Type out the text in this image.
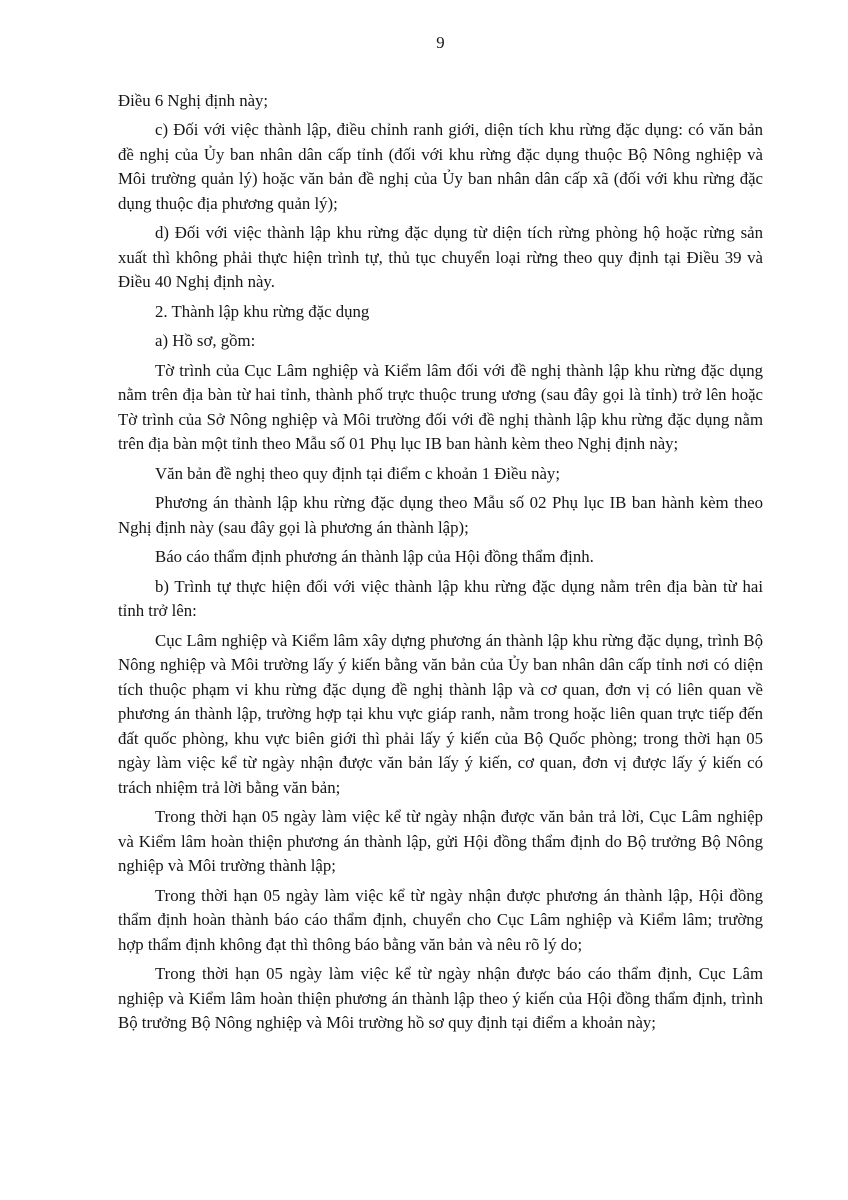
9

Điều 6 Nghị định này;

c) Đối với việc thành lập, điều chỉnh ranh giới, diện tích khu rừng đặc dụng: có văn bản đề nghị của Ủy ban nhân dân cấp tỉnh (đối với khu rừng đặc dụng thuộc Bộ Nông nghiệp và Môi trường quản lý) hoặc văn bản đề nghị của Ủy ban nhân dân cấp xã (đối với khu rừng đặc dụng thuộc địa phương quản lý);

d) Đối với việc thành lập khu rừng đặc dụng từ diện tích rừng phòng hộ hoặc rừng sản xuất thì không phải thực hiện trình tự, thủ tục chuyển loại rừng theo quy định tại Điều 39 và Điều 40 Nghị định này.

2. Thành lập khu rừng đặc dụng

a) Hồ sơ, gồm:

Tờ trình của Cục Lâm nghiệp và Kiểm lâm đối với đề nghị thành lập khu rừng đặc dụng nằm trên địa bàn từ hai tỉnh, thành phố trực thuộc trung ương (sau đây gọi là tỉnh) trở lên hoặc Tờ trình của Sở Nông nghiệp và Môi trường đối với đề nghị thành lập khu rừng đặc dụng nằm trên địa bàn một tỉnh theo Mẫu số 01 Phụ lục IB ban hành kèm theo Nghị định này;

Văn bản đề nghị theo quy định tại điểm c khoản 1 Điều này;

Phương án thành lập khu rừng đặc dụng theo Mẫu số 02 Phụ lục IB ban hành kèm theo Nghị định này (sau đây gọi là phương án thành lập);

Báo cáo thẩm định phương án thành lập của Hội đồng thẩm định.

b) Trình tự thực hiện đối với việc thành lập khu rừng đặc dụng nằm trên địa bàn từ hai tỉnh trở lên:

Cục Lâm nghiệp và Kiểm lâm xây dựng phương án thành lập khu rừng đặc dụng, trình Bộ Nông nghiệp và Môi trường lấy ý kiến bằng văn bản của Ủy ban nhân dân cấp tỉnh nơi có diện tích thuộc phạm vi khu rừng đặc dụng đề nghị thành lập và cơ quan, đơn vị có liên quan về phương án thành lập, trường hợp tại khu vực giáp ranh, nằm trong hoặc liên quan trực tiếp đến đất quốc phòng, khu vực biên giới thì phải lấy ý kiến của Bộ Quốc phòng; trong thời hạn 05 ngày làm việc kể từ ngày nhận được văn bản lấy ý kiến, cơ quan, đơn vị được lấy ý kiến có trách nhiệm trả lời bằng văn bản;

Trong thời hạn 05 ngày làm việc kể từ ngày nhận được văn bản trả lời, Cục Lâm nghiệp và Kiểm lâm hoàn thiện phương án thành lập, gửi Hội đồng thẩm định do Bộ trưởng Bộ Nông nghiệp và Môi trường thành lập;

Trong thời hạn 05 ngày làm việc kể từ ngày nhận được phương án thành lập, Hội đồng thẩm định hoàn thành báo cáo thẩm định, chuyển cho Cục Lâm nghiệp và Kiểm lâm; trường hợp thẩm định không đạt thì thông báo bằng văn bản và nêu rõ lý do;

Trong thời hạn 05 ngày làm việc kể từ ngày nhận được báo cáo thẩm định, Cục Lâm nghiệp và Kiểm lâm hoàn thiện phương án thành lập theo ý kiến của Hội đồng thẩm định, trình Bộ trưởng Bộ Nông nghiệp và Môi trường hồ sơ quy định tại điểm a khoản này;
